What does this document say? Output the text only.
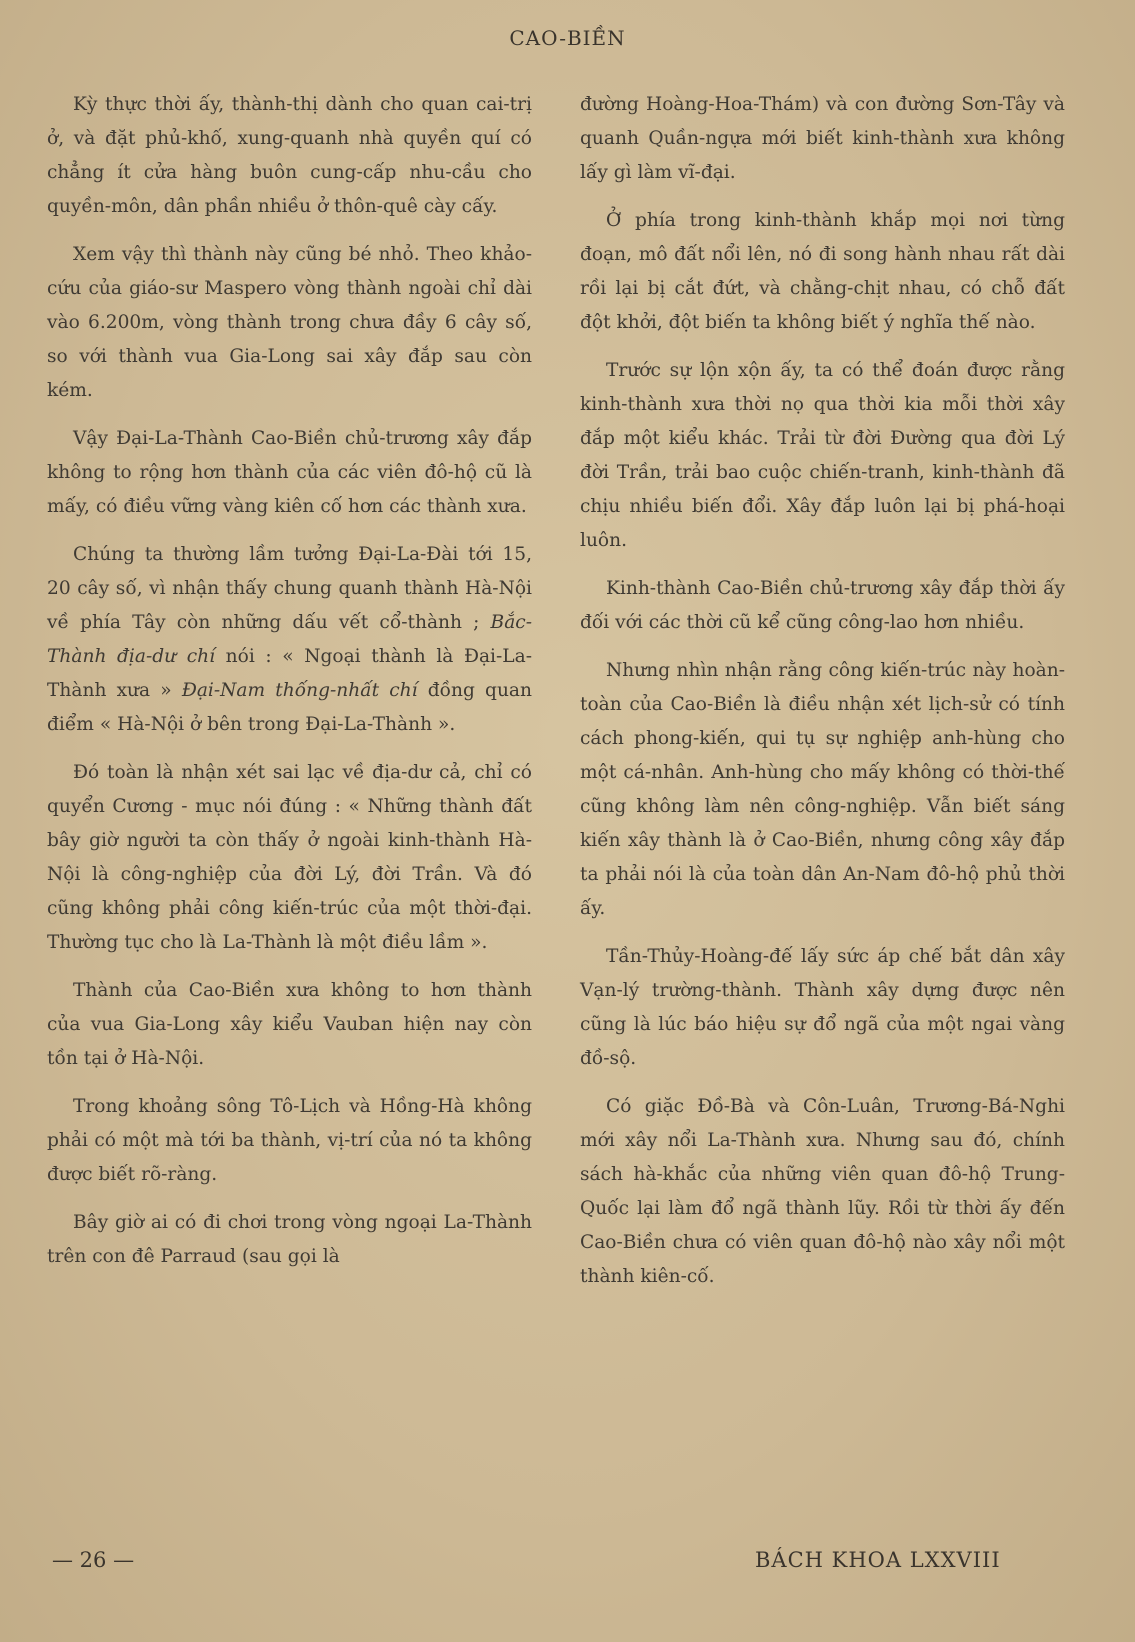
CAO-BIỀN

Kỳ thực thời ấy, thành-thị dành cho quan cai-trị ở, và đặt phủ-khố, xung-quanh nhà quyền quí có chẳng ít cửa hàng buôn cung-cấp nhu-cầu cho quyền-môn, dân phần nhiều ở thôn-quê cày cấy.

Xem vậy thì thành này cũng bé nhỏ. Theo khảo-cứu của giáo-sư Maspero vòng thành ngoài chỉ dài vào 6.200m, vòng thành trong chưa đầy 6 cây số, so với thành vua Gia-Long sai xây đắp sau còn kém.

Vậy Đại-La-Thành Cao-Biền chủ-trương xây đắp không to rộng hơn thành của các viên đô-hộ cũ là mấy, có điều vững vàng kiên cố hơn các thành xưa.

Chúng ta thường lầm tưởng Đại-La-Đài tới 15, 20 cây số, vì nhận thấy chung quanh thành Hà-Nội về phía Tây còn những dấu vết cổ-thành ; Bắc-Thành địa-dư chí nói : « Ngoại thành là Đại-La-Thành xưa » Đại-Nam thống-nhất chí đồng quan điểm « Hà-Nội ở bên trong Đại-La-Thành ».

Đó toàn là nhận xét sai lạc về địa-dư cả, chỉ có quyển Cương - mục nói đúng : « Những thành đất bây giờ người ta còn thấy ở ngoài kinh-thành Hà-Nội là công-nghiệp của đời Lý, đời Trần. Và đó cũng không phải công kiến-trúc của một thời-đại. Thường tục cho là La-Thành là một điều lầm ».

Thành của Cao-Biền xưa không to hơn thành của vua Gia-Long xây kiểu Vauban hiện nay còn tồn tại ở Hà-Nội.

Trong khoảng sông Tô-Lịch và Hồng-Hà không phải có một mà tới ba thành, vị-trí của nó ta không được biết rõ-ràng.

Bây giờ ai có đi chơi trong vòng ngoại La-Thành trên con đê Parraud (sau gọi là

đường Hoàng-Hoa-Thám) và con đường Sơn-Tây và quanh Quần-ngựa mới biết kinh-thành xưa không lấy gì làm vĩ-đại.

Ở phía trong kinh-thành khắp mọi nơi từng đoạn, mô đất nổi lên, nó đi song hành nhau rất dài rồi lại bị cắt đứt, và chằng-chịt nhau, có chỗ đất đột khởi, đột biến ta không biết ý nghĩa thế nào.

Trước sự lộn xộn ấy, ta có thể đoán được rằng kinh-thành xưa thời nọ qua thời kia mỗi thời xây đắp một kiểu khác. Trải từ đời Đường qua đời Lý đời Trần, trải bao cuộc chiến-tranh, kinh-thành đã chịu nhiều biến đổi. Xây đắp luôn lại bị phá-hoại luôn.

Kinh-thành Cao-Biền chủ-trương xây đắp thời ấy đối với các thời cũ kể cũng công-lao hơn nhiều.

Nhưng nhìn nhận rằng công kiến-trúc này hoàn-toàn của Cao-Biền là điều nhận xét lịch-sử có tính cách phong-kiến, qui tụ sự nghiệp anh-hùng cho một cá-nhân. Anh-hùng cho mấy không có thời-thế cũng không làm nên công-nghiệp. Vẫn biết sáng kiến xây thành là ở Cao-Biền, nhưng công xây đắp ta phải nói là của toàn dân An-Nam đô-hộ phủ thời ấy.

Tần-Thủy-Hoàng-đế lấy sức áp chế bắt dân xây Vạn-lý trường-thành. Thành xây dựng được nên cũng là lúc báo hiệu sự đổ ngã của một ngai vàng đồ-sộ.

Có giặc Đồ-Bà và Côn-Luân, Trương-Bá-Nghi mới xây nổi La-Thành xưa. Nhưng sau đó, chính sách hà-khắc của những viên quan đô-hộ Trung-Quốc lại làm đổ ngã thành lũy. Rồi từ thời ấy đến Cao-Biền chưa có viên quan đô-hộ nào xây nổi một thành kiên-cố.

— 26 —	BÁCH KHOA LXXVIII
